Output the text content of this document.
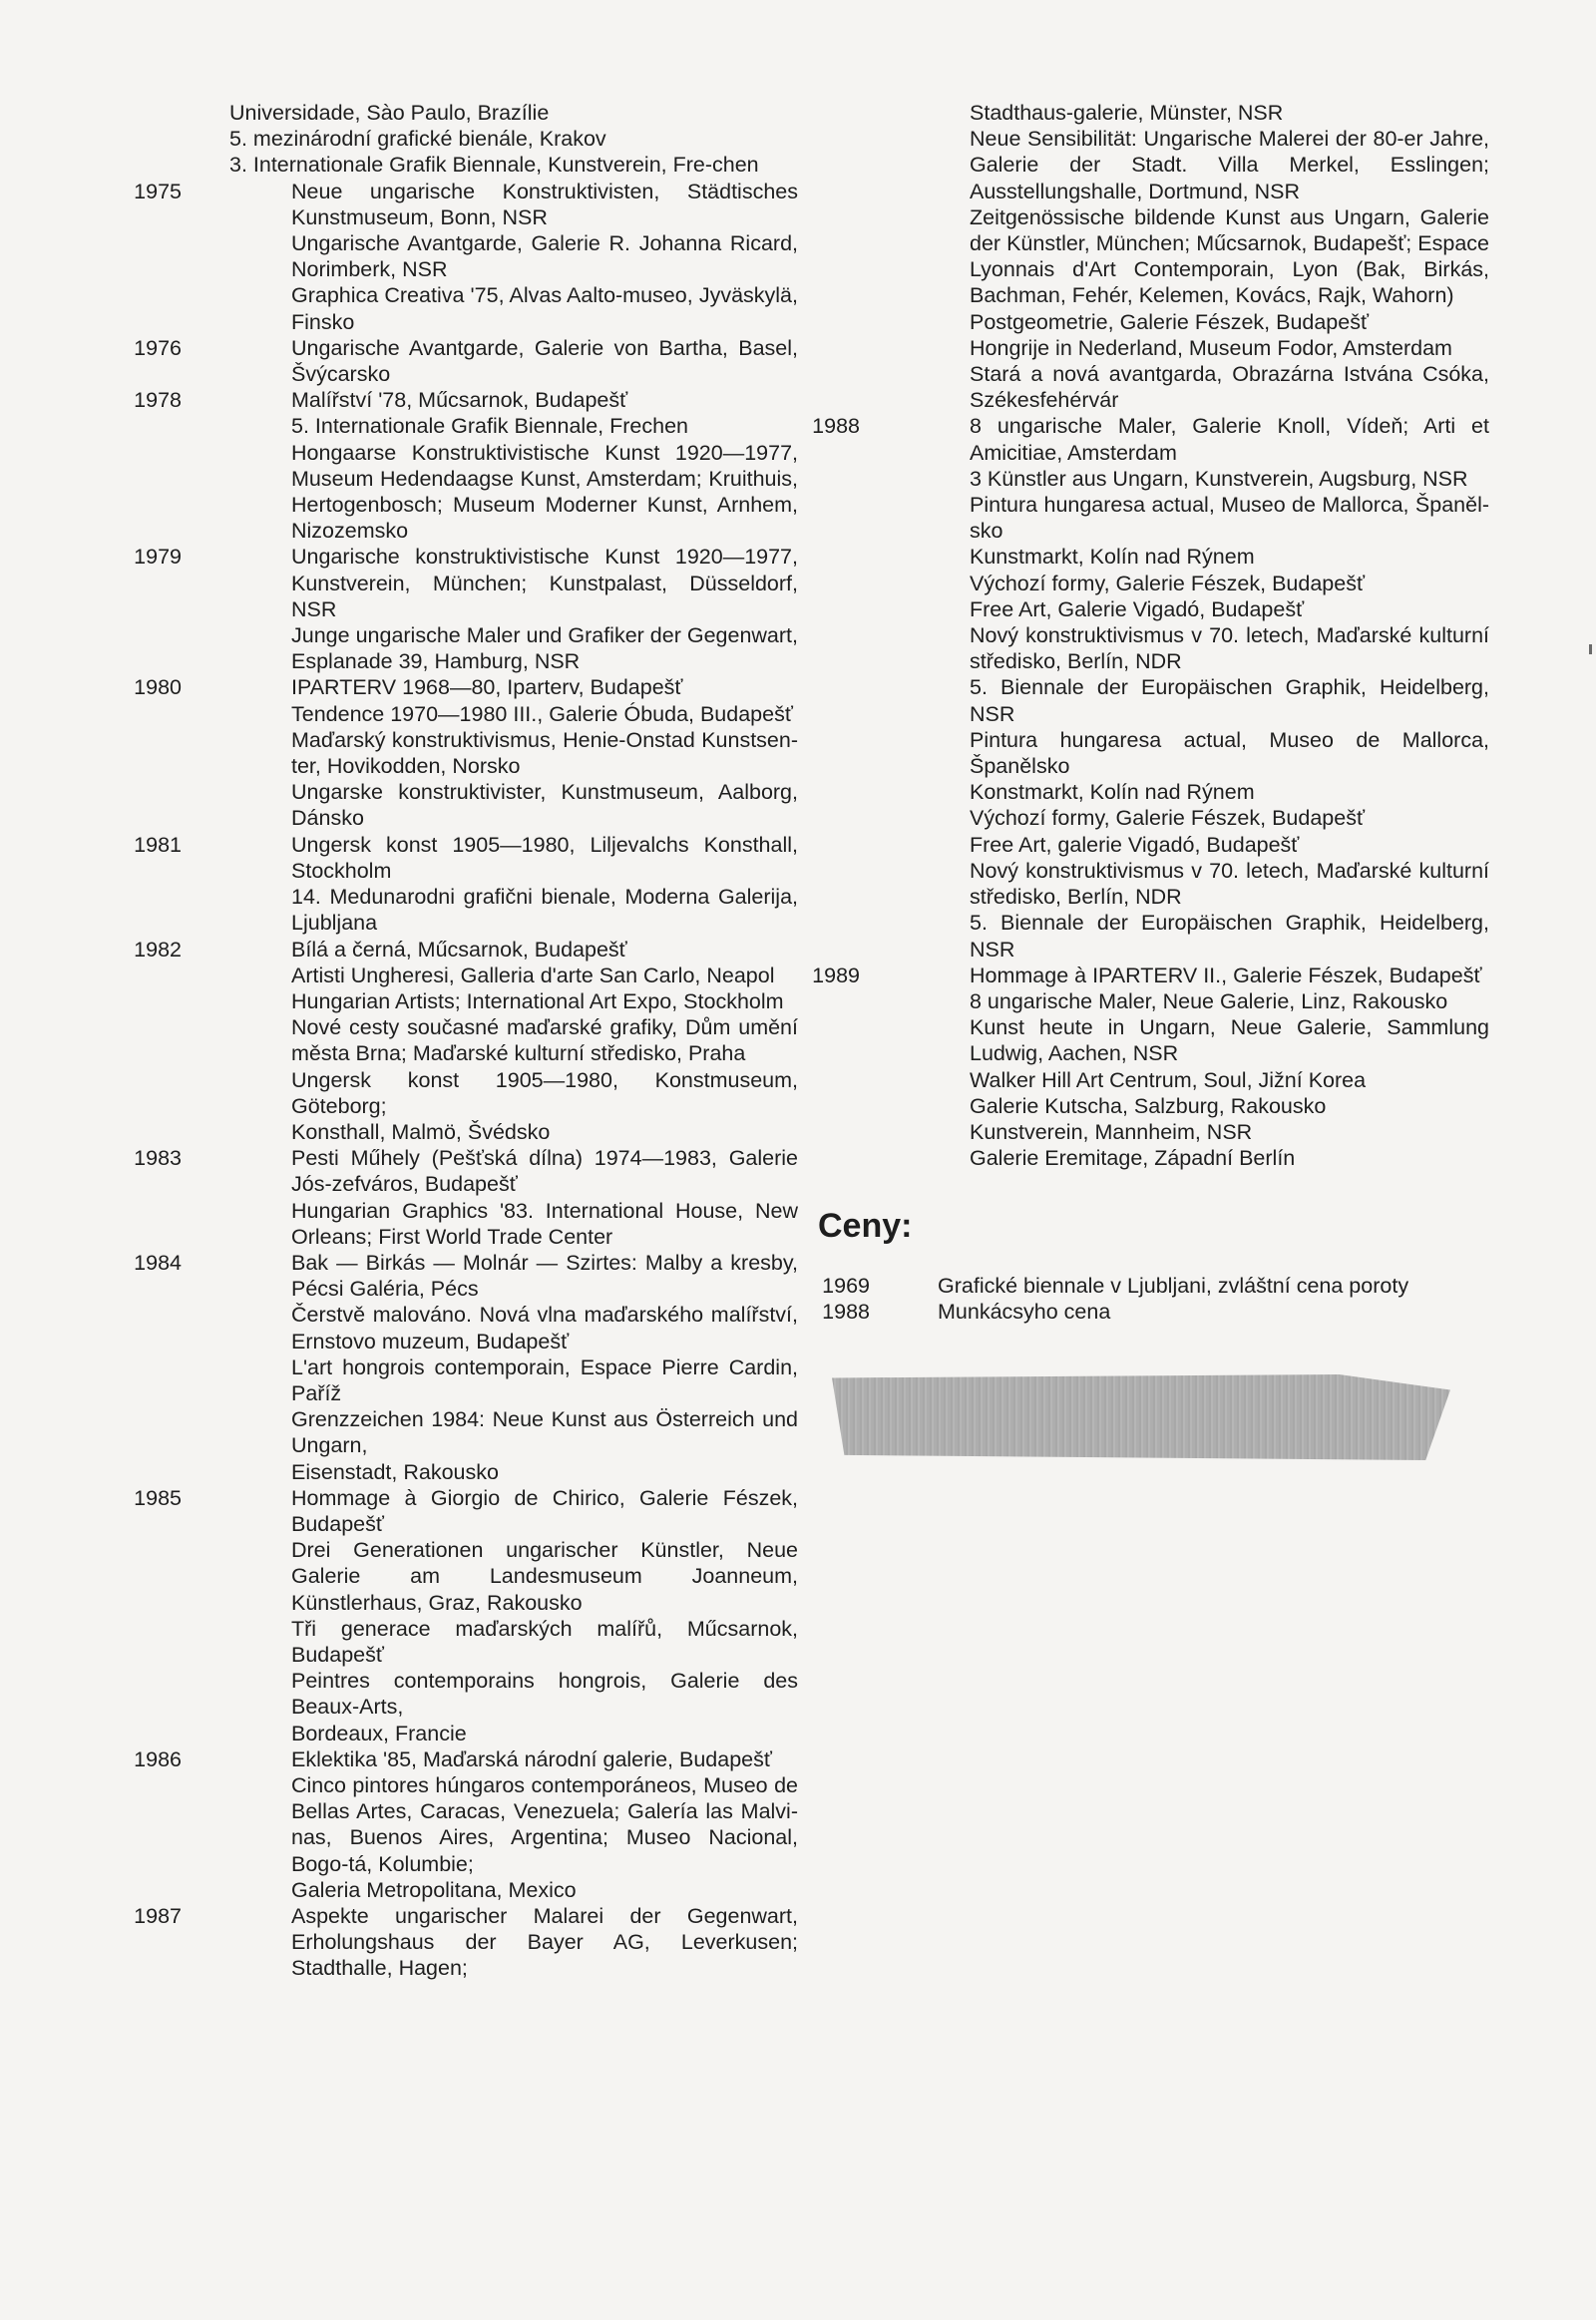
Universidade, Sào Paulo, Brazílie
5. mezinárodní grafické bienále, Krakov
3. Internationale Grafik Biennale, Kunstverein, Fre-chen
1975	Neue ungarische Konstruktivisten, Städtisches Kunstmuseum, Bonn, NSR
Ungarische Avantgarde, Galerie R. Johanna Ricard, Norimberk, NSR
Graphica Creativa '75, Alvas Aalto-museo, Jyväskylä, Finsko
1976	Ungarische Avantgarde, Galerie von Bartha, Basel, Švýcarsko
1978	Malířství '78, Műcsarnok, Budapešť
5. Internationale Grafik Biennale, Frechen
Hongaarse Konstruktivistische Kunst 1920—1977, Museum Hedendaagse Kunst, Amsterdam; Kruithuis, Hertogenbosch; Museum Moderner Kunst, Arnhem, Nizozemsko
1979	Ungarische konstruktivistische Kunst 1920—1977, Kunstverein, München; Kunstpalast, Düsseldorf, NSR
Junge ungarische Maler und Grafiker der Gegenwart, Esplanade 39, Hamburg, NSR
1980	IPARTERV 1968—80, Iparterv, Budapešť
Tendence 1970—1980 III., Galerie Óbuda, Budapešť
Maďarský konstruktivismus, Henie-Onstad Kunstsen-ter, Hovikodden, Norsko
Ungarske konstruktivister, Kunstmuseum, Aalborg, Dánsko
1981	Ungersk konst 1905—1980, Liljevalchs Konsthall, Stockholm
14. Medunarodni grafični bienale, Moderna Galerija, Ljubljana
1982	Bílá a černá, Műcsarnok, Budapešť
Artisti Ungheresi, Galleria d'arte San Carlo, Neapol
Hungarian Artists; International Art Expo, Stockholm
Nové cesty současné maďarské grafiky, Dům umění města Brna; Maďarské kulturní středisko, Praha
Ungersk konst 1905—1980, Konstmuseum, Göteborg;
Konsthall, Malmö, Švédsko
1983	Pesti Műhely (Pešťská dílna) 1974—1983, Galerie Jós-zefváros, Budapešť
Hungarian Graphics '83. International House, New Orleans; First World Trade Center
1984	Bak — Birkás — Molnár — Szirtes: Malby a kresby, Pécsi Galéria, Pécs
Čerstvě malováno. Nová vlna maďarského malířství, Ernstovo muzeum, Budapešť
L'art hongrois contemporain, Espace Pierre Cardin, Paříž
Grenzzeichen 1984: Neue Kunst aus Österreich und Ungarn,
Eisenstadt, Rakousko
1985	Hommage à Giorgio de Chirico, Galerie Fészek, Budapešť
Drei Generationen ungarischer Künstler, Neue Galerie am Landesmuseum Joanneum, Künstlerhaus, Graz, Rakousko
Tři generace maďarských malířů, Műcsarnok, Budapešť
Peintres contemporains hongrois, Galerie des Beaux-Arts,
Bordeaux, Francie
1986	Eklektika '85, Maďarská národní galerie, Budapešť
Cinco pintores húngaros contemporáneos, Museo de Bellas Artes, Caracas, Venezuela; Galería las Malvi-nas, Buenos Aires, Argentina; Museo Nacional, Bogo-tá, Kolumbie;
Galeria Metropolitana, Mexico
1987	Aspekte ungarischer Malarei der Gegenwart, Erholungshaus der Bayer AG, Leverkusen; Stadthalle, Hagen;
Stadthaus-galerie, Münster, NSR
Neue Sensibilität: Ungarische Malerei der 80-er Jahre, Galerie der Stadt. Villa Merkel, Esslingen; Ausstellungshalle, Dortmund, NSR
Zeitgenössische bildende Kunst aus Ungarn, Galerie der Künstler, München; Műcsarnok, Budapešť; Espace Lyonnais d'Art Contemporain, Lyon (Bak, Birkás, Bachman, Fehér, Kelemen, Kovács, Rajk, Wahorn)
Postgeometrie, Galerie Fészek, Budapešť
Hongrije in Nederland, Museum Fodor, Amsterdam
Stará a nová avantgarda, Obrazárna Istvána Csóka, Székesfehérvár
1988	8 ungarische Maler, Galerie Knoll, Vídeň; Arti et Amicitiae, Amsterdam
3 Künstler aus Ungarn, Kunstverein, Augsburg, NSR
Pintura hungaresa actual, Museo de Mallorca, Španěl-sko
Kunstmarkt, Kolín nad Rýnem
Výchozí formy, Galerie Fészek, Budapešť
Free Art, Galerie Vigadó, Budapešť
Nový konstruktivismus v 70. letech, Maďarské kulturní středisko, Berlín, NDR
5. Biennale der Europäischen Graphik, Heidelberg, NSR
Pintura hungaresa actual, Museo de Mallorca, Španělsko
Konstmarkt, Kolín nad Rýnem
Výchozí formy, Galerie Fészek, Budapešť
Free Art, galerie Vigadó, Budapešť
Nový konstruktivismus v 70. letech, Maďarské kulturní středisko, Berlín, NDR
5. Biennale der Europäischen Graphik, Heidelberg, NSR
1989	Hommage à IPARTERV II., Galerie Fészek, Budapešť
8 ungarische Maler, Neue Galerie, Linz, Rakousko
Kunst heute in Ungarn, Neue Galerie, Sammlung Ludwig, Aachen, NSR
Walker Hill Art Centrum, Soul, Jižní Korea
Galerie Kutscha, Salzburg, Rakousko
Kunstverein, Mannheim, NSR
Galerie Eremitage, Západní Berlín
Ceny:
1969	Grafické biennale v Ljubljani, zvláštní cena poroty
1988	Munkácsyho cena
